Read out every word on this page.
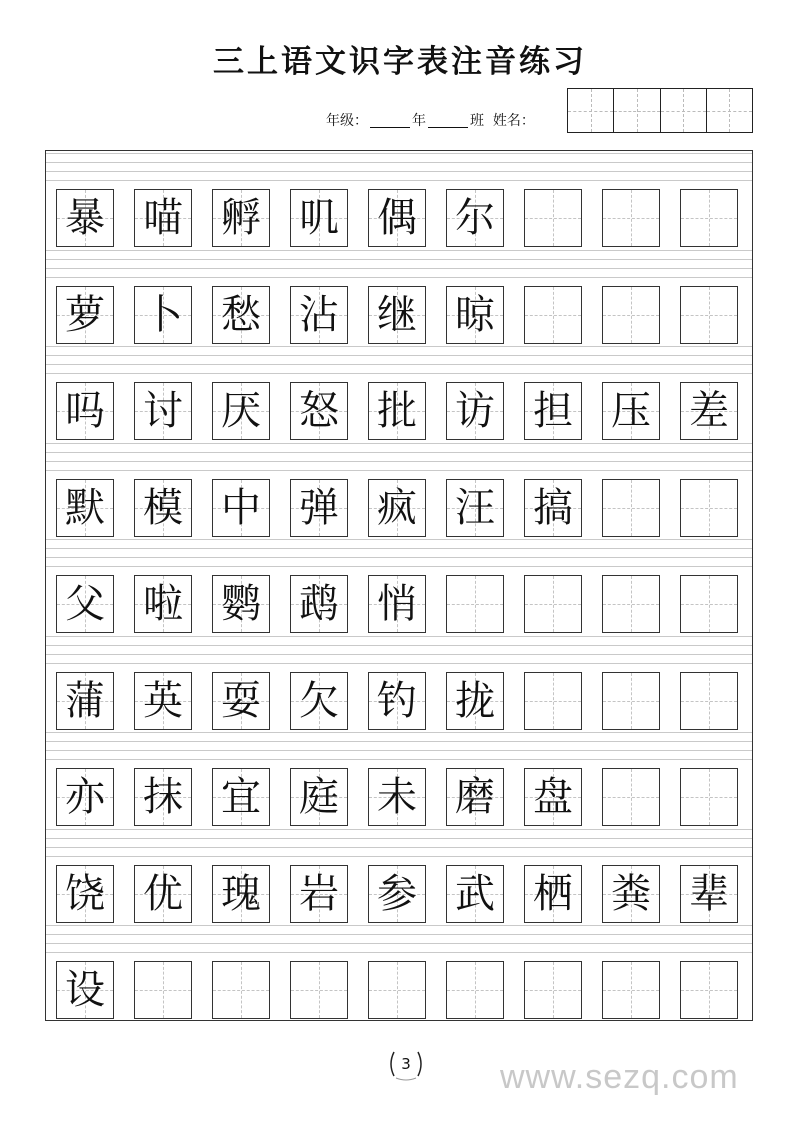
三上语文识字表注音练习
年级：	年	班 姓名：
暴 喵 孵 叽 偶 尔
萝 卜 愁 沾 继 晾
吗 讨 厌 怒 批 访 担 压 差
默 模 中 弹 疯 汪 搞
父 啦 鹦 鹉 悄
蒲 英 耍 欠 钓 拢
亦 抹 宜 庭 未 磨 盘
饶 优 瑰 岩 参 武 栖 粪 辈
设
3	www.sezq.com
